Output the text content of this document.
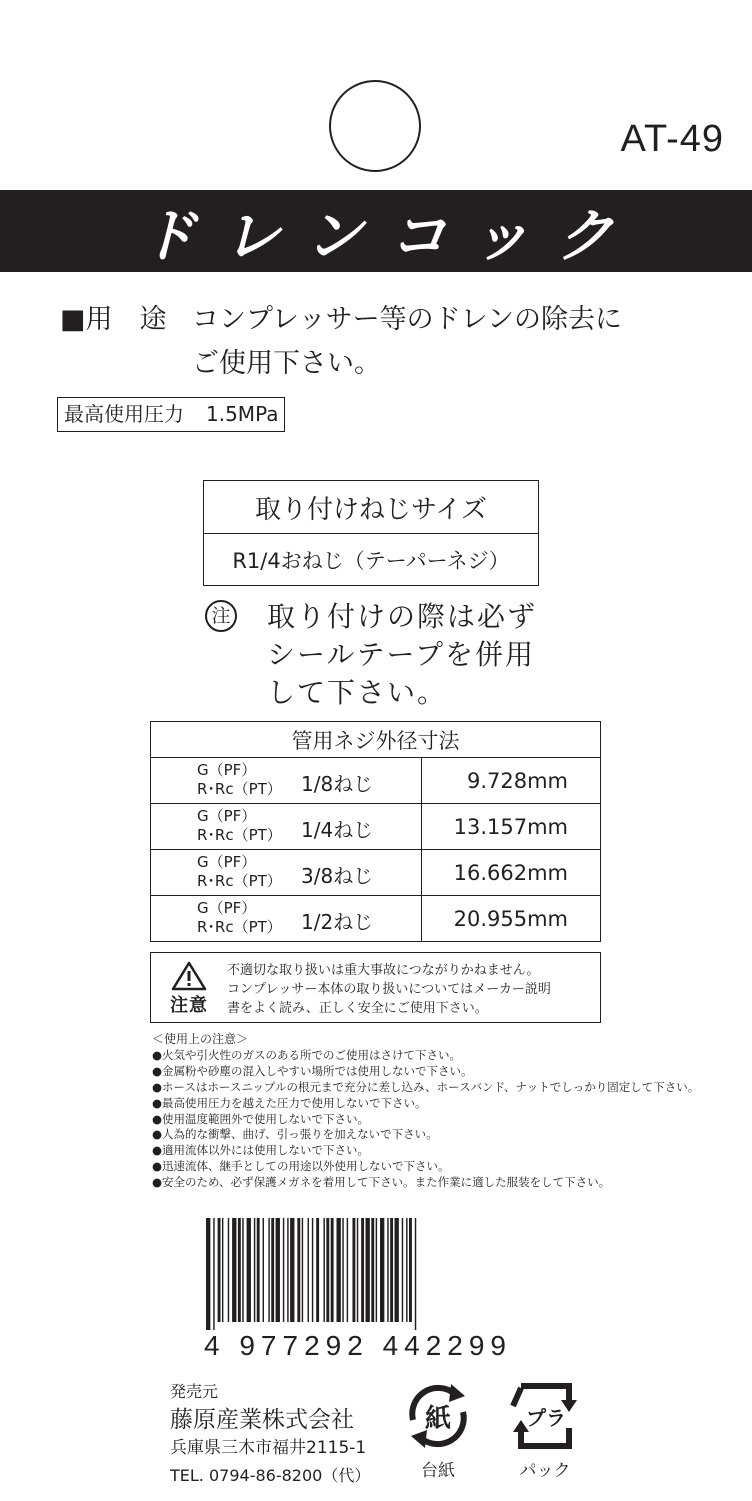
AT-49
ドレンコック
■用　途 コンプレッサー等のドレンの除去に
ご使用下さい。
最高使用圧力 1.5MPa
取り付けねじサイズ
R1/4おねじ（テーパーネジ）
注 取り付けの際は必ず
シールテープを併用
して下さい。
管用ネジ外径寸法	

G（PF）
R･Rc（PT） 1/8ねじ	9.728mm

G（PF）
R･Rc（PT） 1/4ねじ	13.157mm

G（PF）
R･Rc（PT） 3/8ねじ	16.662mm

G（PF）
R･Rc（PT） 1/2ねじ	20.955mm
注意
不適切な取り扱いは重大事故につながりかねません。
コンプレッサー本体の取り扱いについてはメーカー説明
書をよく読み、正しく安全にご使用下さい。
＜使用上の注意＞
●火気や引火性のガスのある所でのご使用はさけて下さい。
●金属粉や砂塵の混入しやすい場所では使用しないで下さい。
●ホースはホースニップルの根元まで充分に差し込み、ホースバンド、ナットでしっかり固定して下さい。
●最高使用圧力を越えた圧力で使用しないで下さい。
●使用温度範囲外で使用しないで下さい。
●人為的な衝撃、曲げ、引っ張りを加えないで下さい。
●適用流体以外には使用しないで下さい。
●迅速流体、継手としての用途以外使用しないで下さい。
●安全のため、必ず保護メガネを着用して下さい。また作業に適した服装をして下さい。
4 977292 442299
発売元
藤原産業株式会社
兵庫県三木市福井2115-1
TEL. 0794-86-8200（代）
紙
台紙
プラ
パック
